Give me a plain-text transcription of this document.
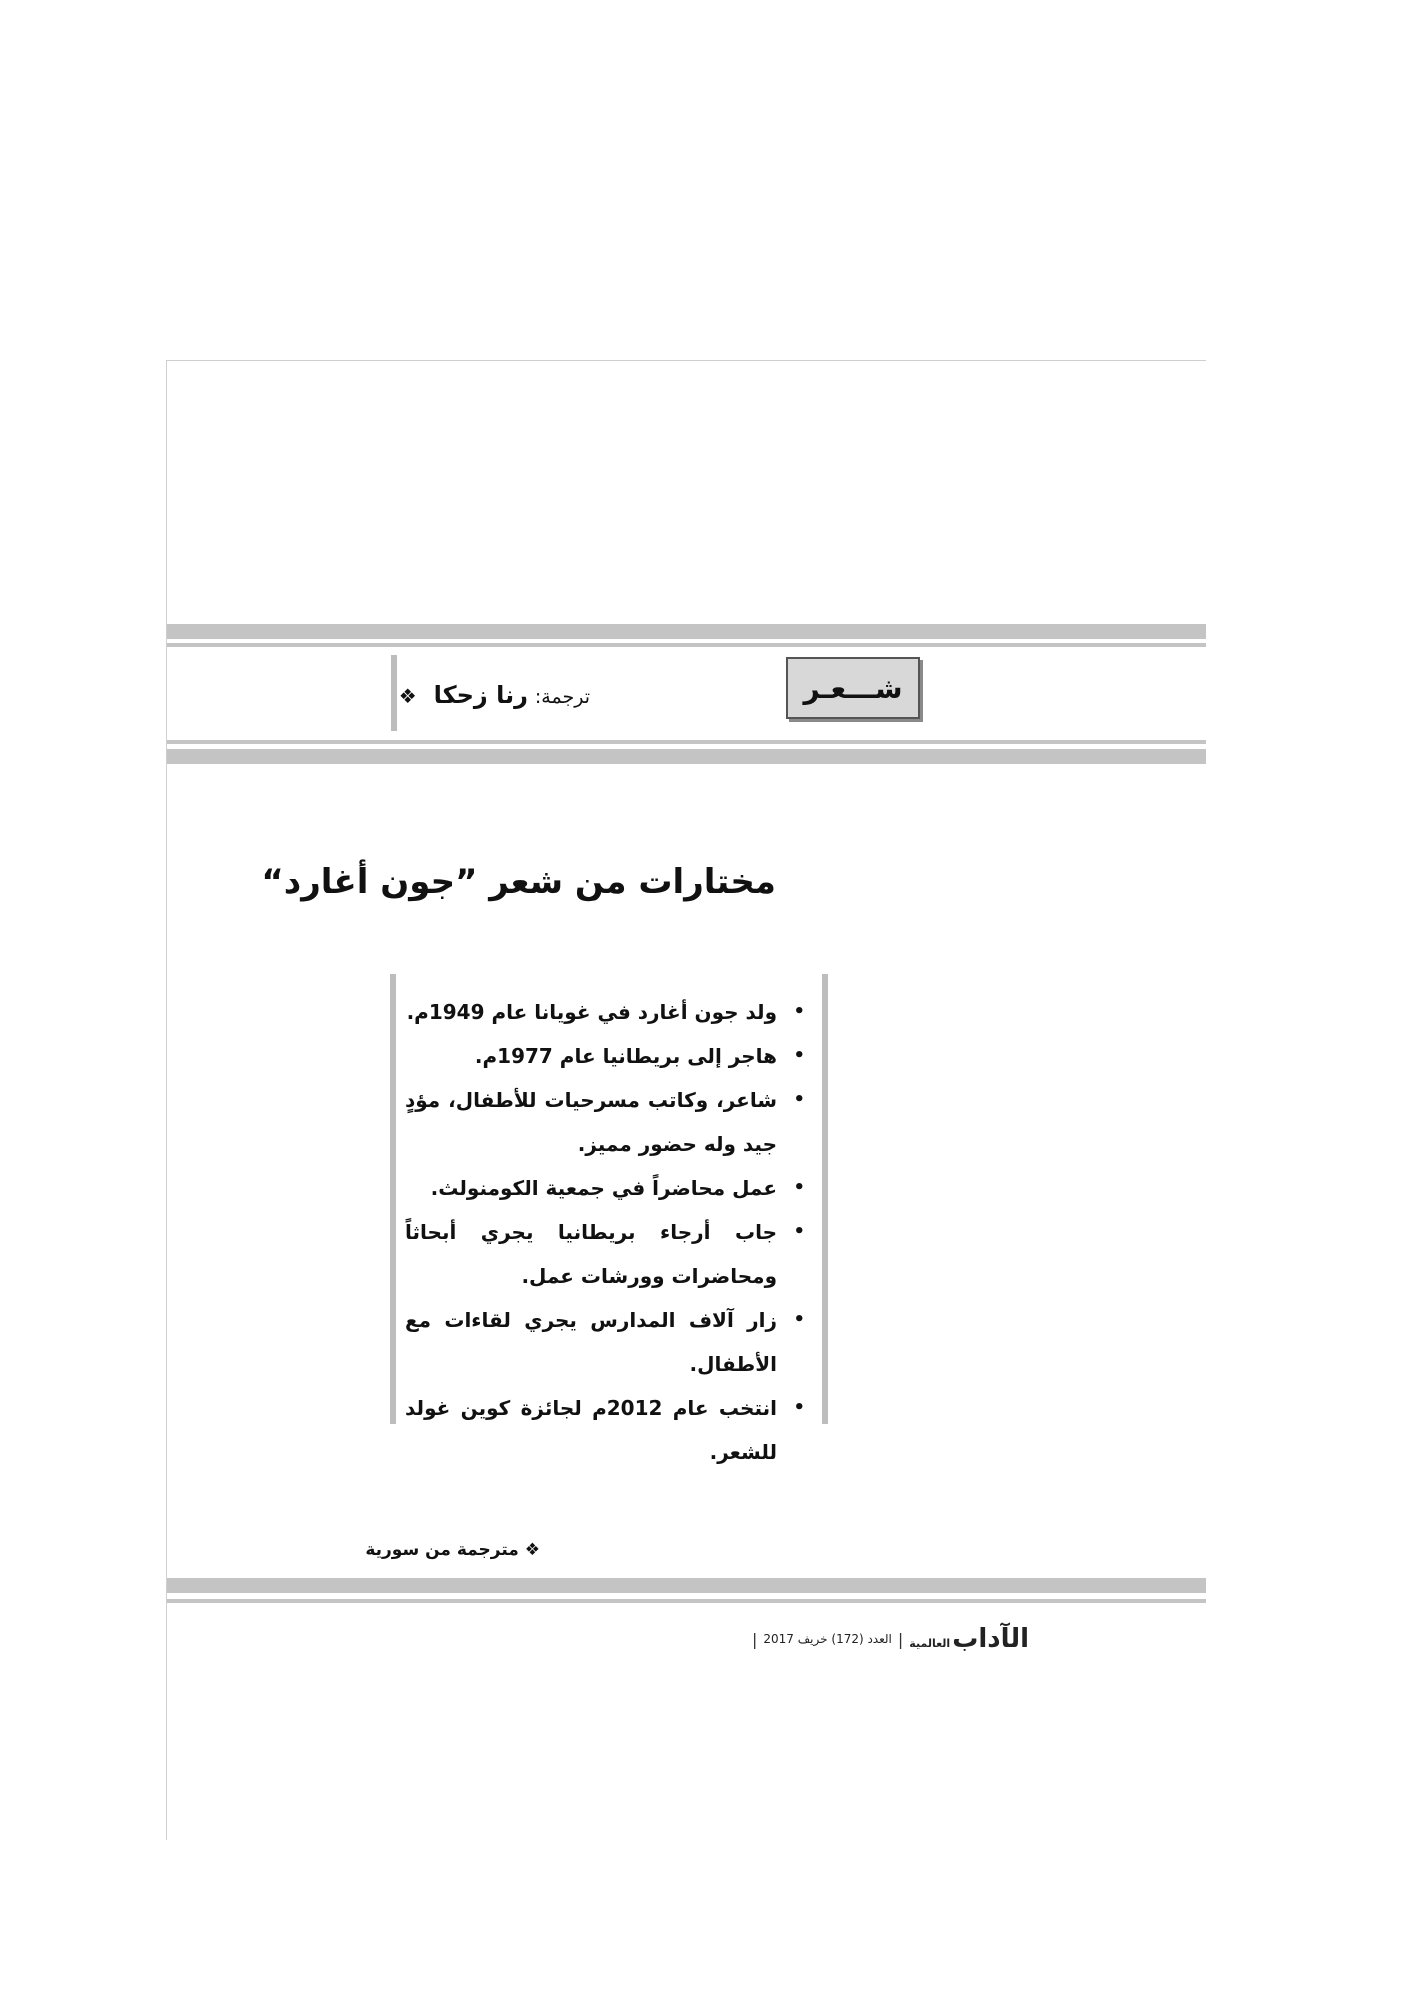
ترجمة: رنا زحكا ❖	شـــعـر
مختارات من شعر ”جون أغارد“
• ولد جون أغارد في غويانا عام 1949م.
• هاجر إلى بريطانيا عام 1977م.
• شاعر، وكاتب مسرحيات للأطفال، مؤدٍ جيد وله حضور مميز.
• عمل محاضراً في جمعية الكومنولث.
• جاب أرجاء بريطانيا يجري أبحاثاً ومحاضرات وورشات عمل.
• زار آلاف المدارس يجري لقاءات مع الأطفال.
• انتخب عام 2012م لجائزة كوين غولد للشعر.
❖ مترجمة من سورية
الآداب
العالمية
|
العدد (172) خريف 2017
|
